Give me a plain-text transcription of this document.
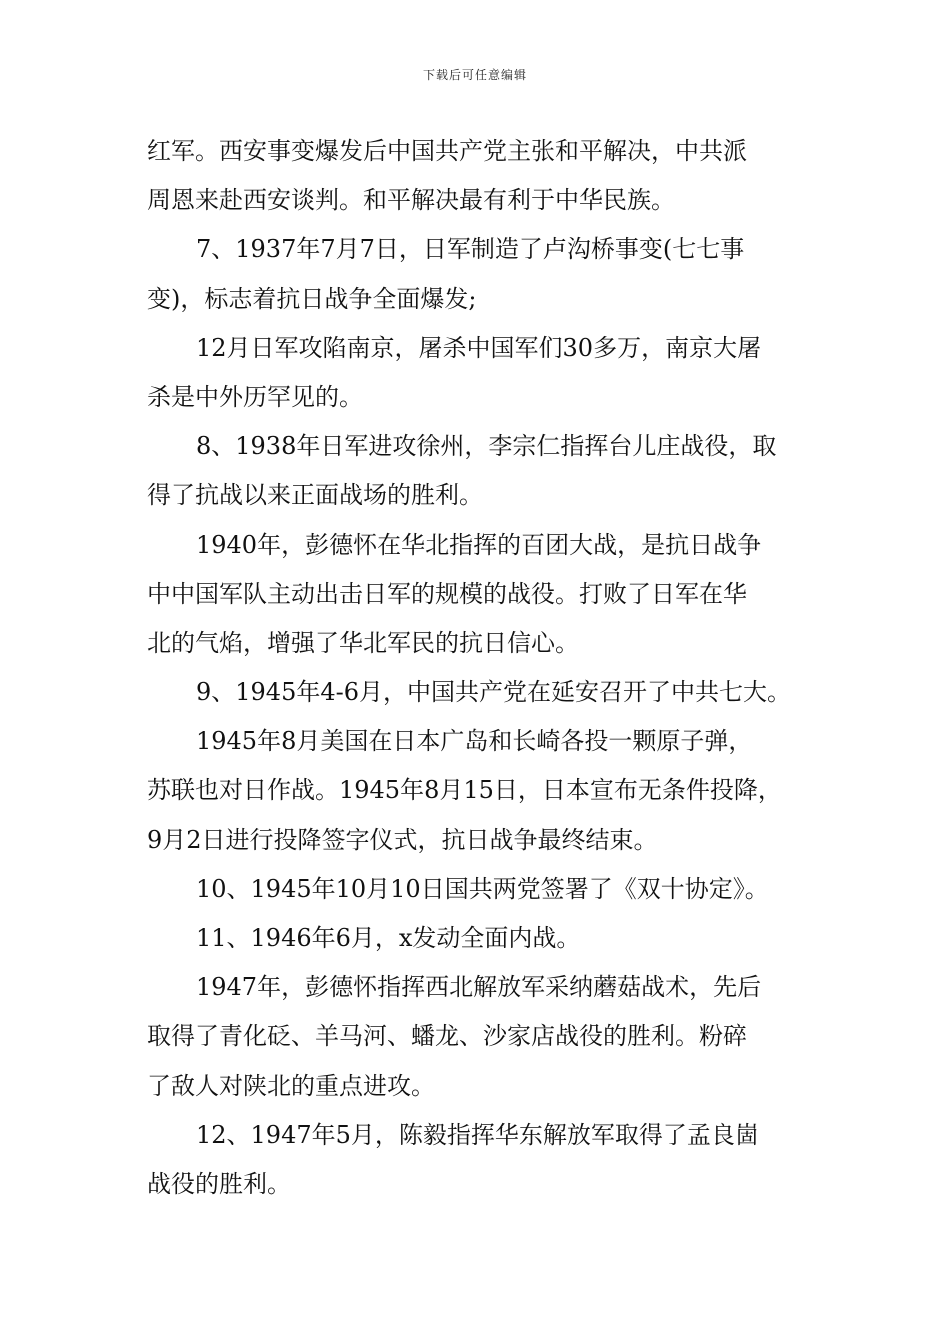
下载后可任意编辑
红军。西安事变爆发后中国共产党主张和平解决，中共派
周恩来赴西安谈判。和平解决最有利于中华民族。
7、1937年7月7日，日军制造了卢沟桥事变(七七事
变)，标志着抗日战争全面爆发;
12月日军攻陷南京，屠杀中国军们30多万，南京大屠
杀是中外历罕见的。
8、1938年日军进攻徐州，李宗仁指挥台儿庄战役，取
得了抗战以来正面战场的胜利。
1940年，彭德怀在华北指挥的百团大战，是抗日战争
中中国军队主动出击日军的规模的战役。打败了日军在华
北的气焰，增强了华北军民的抗日信心。
9、1945年4-6月，中国共产党在延安召开了中共七大。
1945年8月美国在日本广岛和长崎各投一颗原子弹，
苏联也对日作战。1945年8月15日，日本宣布无条件投降，
9月2日进行投降签字仪式，抗日战争最终结束。
10、1945年10月10日国共两党签署了《双十协定》。
11、1946年6月，x发动全面内战。
1947年，彭德怀指挥西北解放军采纳蘑菇战术，先后
取得了青化砭、羊马河、蟠龙、沙家店战役的胜利。粉碎
了敌人对陕北的重点进攻。
12、1947年5月，陈毅指挥华东解放军取得了孟良崮
战役的胜利。
